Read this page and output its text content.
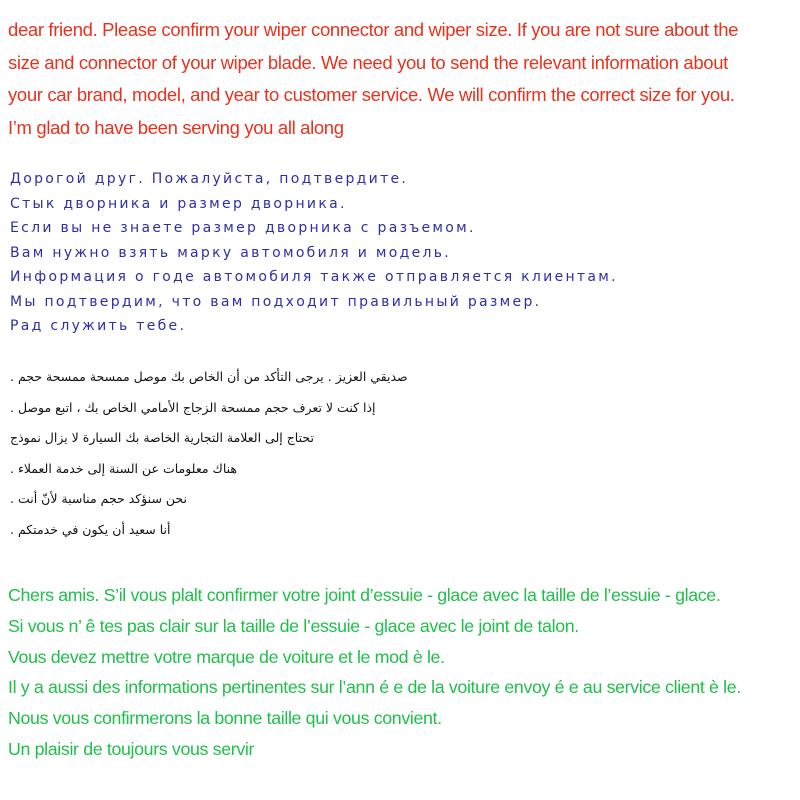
dear friend. Please confirm your wiper connector and wiper size. If you are not sure about the
size and connector of your wiper blade. We need you to send the relevant information about
your car brand, model, and year to customer service. We will confirm the correct size for you.
I’m glad to have been serving you all along
Дорогой друг. Пожалуйста, подтвердите.
Стык дворника и размер дворника.
Если вы не знаете размер дворника с разъемом.
Вам нужно взять марку автомобиля и модель.
Информация о годе автомобиля также отправляется клиентам.
Мы подтвердим, что вам подходит правильный размер.
Рад служить тебе.
صديقي العزيز . يرجى التأكد من أن الخاص بك موصل ممسحة ممسحة حجم .
إذا كنت لا تعرف حجم ممسحة الزجاج الأمامي الخاص بك ، اتبع موصل .
تحتاج إلى العلامة التجارية الخاصة بك السيارة لا يزال نموذج
هناك معلومات عن السنة إلى خدمة العملاء .
نحن سنؤكد حجم مناسبة لأنّ أنت .
أنا سعيد أن يكون في خدمتكم .
Chers amis. S’il vous plalt confirmer votre joint d’essuie - glace avec la taille de l’essuie - glace.
Si vous n’ ê tes pas clair sur la taille de l’essuie - glace avec le joint de talon.
Vous devez mettre votre marque de voiture et le mod è le.
Il y a aussi des informations pertinentes sur l’ann é e de la voiture envoy é e au service client è le.
Nous vous confirmerons la bonne taille qui vous convient.
Un plaisir de toujours vous servir
